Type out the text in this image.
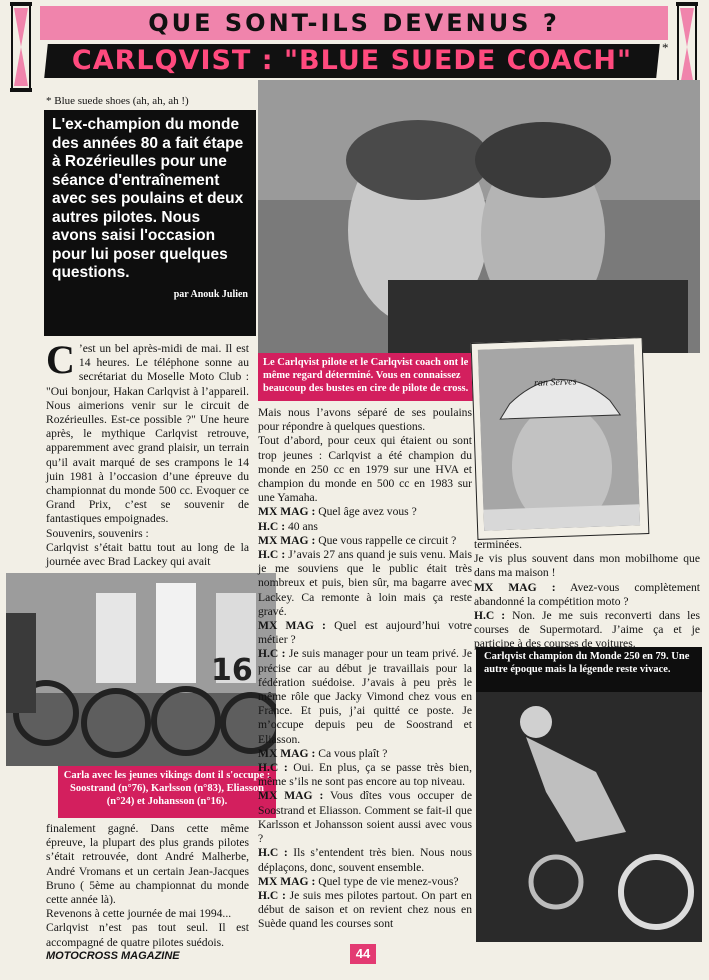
QUE SONT-ILS DEVENUS ?
CARLQVIST : "BLUE SUEDE COACH"	*
* Blue suede shoes (ah, ah, ah !)
L'ex-champion du monde des années 80 a fait étape à Rozérieulles pour une séance d'entraînement avec ses poulains et deux autres pilotes. Nous avons saisi l'occasion pour lui poser quelques questions.
par Anouk Julien
Le Carlqvist pilote et le Carlqvist coach ont le même regard déterminé. Vous en connaissez beaucoup des bustes en cire de pilote de cross.	ran Serves
16
Carla avec les jeunes vikings dont il s'occupe : Soostrand (n°76), Karlsson (n°83), Eliasson (n°24) et Johansson (n°16).
Carlqvist champion du Monde 250 en 79. Une autre époque mais la légende reste vivace.

C ’est un bel après-midi de mai. Il est 14 heures. Le téléphone sonne au secrétariat du Moselle Moto Club : "Oui bonjour, Hakan Carlqvist à l’appareil. Nous aimerions venir sur le circuit de Rozérieulles. Est-ce possible ?" Une heure après, le mythique Carlqvist retrouve, apparemment avec grand plaisir, un terrain qu’il avait marqué de ses crampons le 14 juin 1981 à l’occasion d’une épreuve du championnat du monde 500 cc. Evoquer ce Grand Prix, c’est se souvenir de fantastiques empoignades.

Souvenirs, souvenirs :

Carlqvist s’était battu tout au long de la journée avec Brad Lackey qui avait

finalement gagné. Dans cette même épreuve, la plupart des plus grands pilotes s’était retrouvée, dont André Malherbe, André Vromans et un certain Jean-Jacques Bruno ( 5ème au championnat du monde cette année là).

Revenons à cette journée de mai 1994...

Carlqvist n’est pas tout seul. Il est accompagné de quatre pilotes suédois.

Mais nous l’avons séparé de ses poulains pour répondre à quelques questions.

Tout d’abord, pour ceux qui étaient ou sont trop jeunes : Carlqvist a été champion du monde en 250 cc en 1979 sur une HVA et champion du monde en 500 cc en 1983 sur une Yamaha.

MX MAG : Quel âge avez vous ?

H.C : 40 ans

MX MAG : Que vous rappelle ce circuit ?

H.C : J’avais 27 ans quand je suis venu. Mais je me souviens que le public était très nombreux et puis, bien sûr, ma bagarre avec Lackey. Ca remonte à loin mais ça reste gravé.

MX MAG : Quel est aujourd’hui votre métier ?

H.C : Je suis manager pour un team privé. Je précise car au début je travaillais pour la fédération suédoise. J’avais à peu près le même rôle que Jacky Vimond chez vous en France. Et puis, j’ai quitté ce poste. Je m’occupe depuis peu de Soostrand et Eliasson.

MX MAG : Ca vous plaît ?

H.C : Oui. En plus, ça se passe très bien, même s’ils ne sont pas encore au top niveau.

MX MAG : Vous dîtes vous occuper de Soostrand et Eliasson. Comment se fait-il que Karlsson et Johansson soient aussi avec vous ?

H.C : Ils s’entendent très bien. Nous nous déplaçons, donc, souvent ensemble.

MX MAG : Quel type de vie menez-vous?

H.C : Je suis mes pilotes partout. On part en début de saison et on revient chez nous en Suède quand les courses sont

terminées.

Je vis plus souvent dans mon mobilhome que dans ma maison !

MX MAG : Avez-vous complètement abandonné la compétition moto ?

H.C : Non. Je me suis reconverti dans les courses de Supermotard. J’aime ça et je participe à des courses de voitures.

MOTOCROSS MAGAZINE	44
